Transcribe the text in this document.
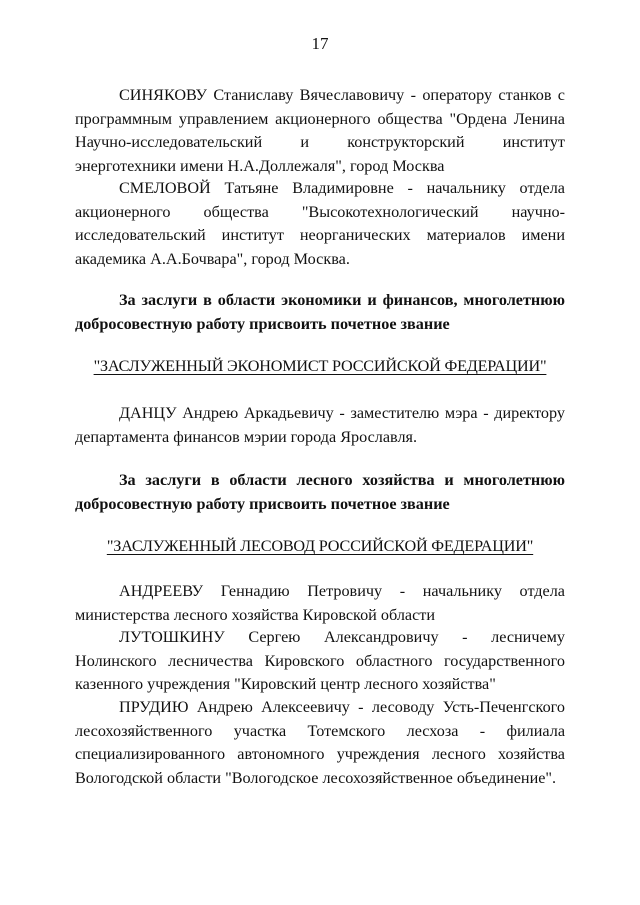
17

СИНЯКОВУ Станиславу Вячеславовичу - оператору станков с программным управлением акционерного общества "Ордена Ленина Научно-исследовательский и конструкторский институт энерготехники имени Н.А.Доллежаля", город Москва

СМЕЛОВОЙ Татьяне Владимировне - начальнику отдела акционерного общества "Высокотехнологический научно-исследовательский институт неорганических материалов имени академика А.А.Бочвара", город Москва.

За заслуги в области экономики и финансов, многолетнюю добросовестную работу присвоить почетное звание

"ЗАСЛУЖЕННЫЙ ЭКОНОМИСТ РОССИЙСКОЙ ФЕДЕРАЦИИ"

ДАНЦУ Андрею Аркадьевичу - заместителю мэра - директору департамента финансов мэрии города Ярославля.

За заслуги в области лесного хозяйства и многолетнюю добросовестную работу присвоить почетное звание

"ЗАСЛУЖЕННЫЙ ЛЕСОВОД РОССИЙСКОЙ ФЕДЕРАЦИИ"

АНДРЕЕВУ Геннадию Петровичу - начальнику отдела министерства лесного хозяйства Кировской области

ЛУТОШКИНУ Сергею Александровичу - лесничему Нолинского лесничества Кировского областного государственного казенного учреждения "Кировский центр лесного хозяйства"

ПРУДИЮ Андрею Алексеевичу - лесоводу Усть-Печенгского лесохозяйственного участка Тотемского лесхоза - филиала специализированного автономного учреждения лесного хозяйства Вологодской области "Вологодское лесохозяйственное объединение".
